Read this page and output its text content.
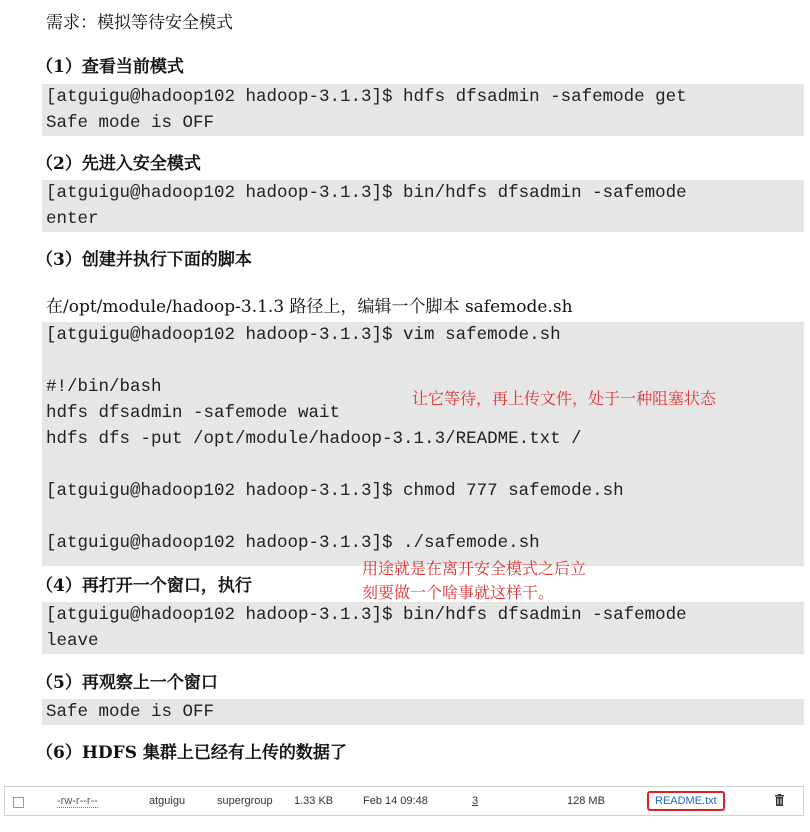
需求：模拟等待安全模式
（1）查看当前模式
[atguigu@hadoop102 hadoop-3.1.3]$ hdfs dfsadmin -safemode get
Safe mode is OFF
（2）先进入安全模式
[atguigu@hadoop102 hadoop-3.1.3]$ bin/hdfs dfsadmin -safemode
enter
（3）创建并执行下面的脚本
在/opt/module/hadoop-3.1.3 路径上，编辑一个脚本 safemode.sh
[atguigu@hadoop102 hadoop-3.1.3]$ vim safemode.sh
#!/bin/bash
hdfs dfsadmin -safemode wait
hdfs dfs -put /opt/module/hadoop-3.1.3/README.txt /
[atguigu@hadoop102 hadoop-3.1.3]$ chmod 777 safemode.sh
[atguigu@hadoop102 hadoop-3.1.3]$ ./safemode.sh
让它等待，再上传文件，处于一种阻塞状态
用途就是在离开安全模式之后立
刻要做一个啥事就这样干。
（4）再打开一个窗口，执行
[atguigu@hadoop102 hadoop-3.1.3]$ bin/hdfs dfsadmin -safemode
leave
（5）再观察上一个窗口
Safe mode is OFF
（6）HDFS 集群上已经有上传的数据了
-rw-r--r--	atguigu	supergroup 1.33 KB	Feb 14 09:48	3	128 MB	README.txt
